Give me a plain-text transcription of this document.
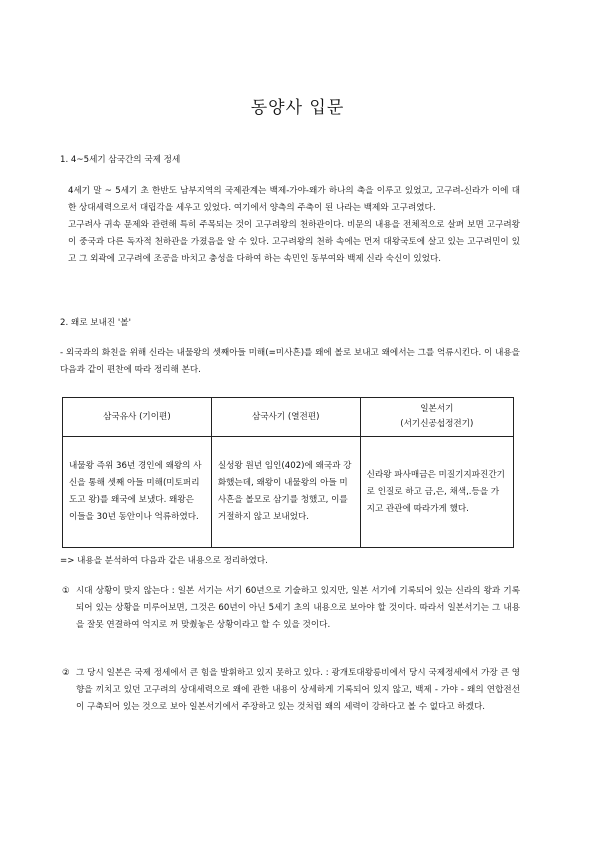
동양사 입문
1. 4~5세기 삼국간의 국제 정세

4세기 말 ~ 5세기 초 한반도 남부지역의 국제관계는 백제-가야-왜가 하나의 축을 이루고 있었고, 고구려-신라가 이에 대한 상대세력으로서 대립각을 세우고 있었다. 여기에서 양측의 주축이 된 나라는 백제와 고구려였다.

고구려사 귀속 문제와 관련해 특히 주목되는 것이 고구려왕의 천하관이다. 비문의 내용을 전체적으로 살펴 보면 고구려왕이 중국과 다른 독자적 천하관을 가졌음을 알 수 있다. 고구려왕의 천하 속에는 먼저 대왕국토에 살고 있는 고구려민이 있고 그 외곽에 고구려에 조공을 바치고 충성을 다하여 하는 속민인 동부여와 백제 신라 숙신이 있었다.

2. 왜로 보내진 '볼'

- 외국과의 화친을 위해 신라는 내물왕의 셋째아들 미해(=미사흔)를 왜에 볼로 보내고 왜에서는 그를 억류시킨다. 이 내용을 다음과 같이 편찬에 따라 정리해 본다.

삼국유사 (기이편)	삼국사기 (열전편)	일본서기
(서기신공섭정전기)
내물왕 즉위 36년 경인에 왜왕의 사신을 통해 셋째 아들 미해(미토퍼리도고 왕)를 왜국에 보냈다. 왜왕은 이들을 30년 동안이나 억류하였다.	실성왕 원년 임인(402)에 왜국과 강화했는데, 왜왕이 내물왕의 아들 미사흔을 볼모로 삼기를 청했고, 이를 거절하지 않고 보내었다.	신라왕 파사매금은 미질기지파진간기로 인질로 하고 금,은, 채색,.등을 가지고 관관에 따라가게 했다.
=> 내용을 분석하여 다음과 같은 내용으로 정리하였다.
① 시대 상황이 맞지 않는다 : 일본 서기는 서기 60년으로 기술하고 있지만, 일본 서기에 기록되어 있는 신라의 왕과 기록되어 있는 상황을 미루어보면, 그것은 60년이 아닌 5세기 초의 내용으로 보아야 할 것이다. 따라서 일본서기는 그 내용을 잘못 연결하여 억지로 꺼 맞췄놓은 상황이라고 할 수 있을 것이다.
② 그 당시 일본은 국제 정세에서 큰 힘을 발휘하고 있지 못하고 있다. : 광개토대왕릉비에서 당시 국제정세에서 가장 큰 영향을 끼치고 있던 고구려의 상대세력으로 왜에 관한 내용이 상세하게 기록되어 있지 않고, 백제 - 가야 - 왜의 연합전선이 구축되어 있는 것으로 보아 일본서기에서 주장하고 있는 것처럼 왜의 세력이 강하다고 볼 수 없다고 하겠다.
